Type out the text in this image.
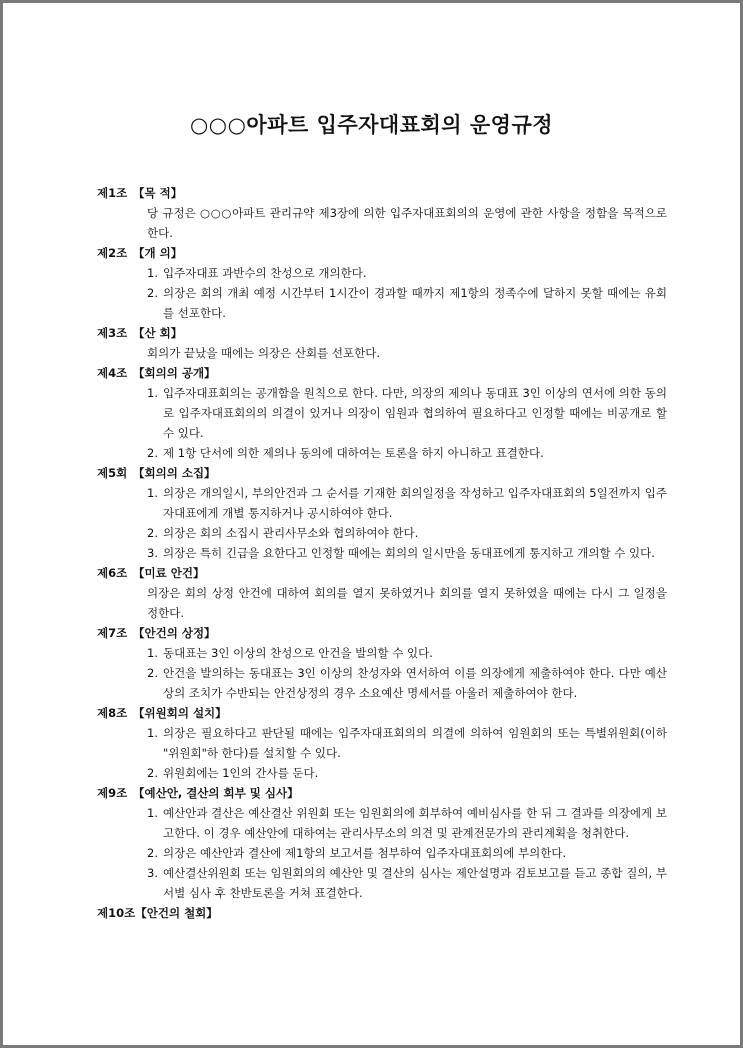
○○○아파트 입주자대표회의 운영규정
제1조 【목 적】
당 규정은 ○○○아파트 관리규약 제3장에 의한 입주자대표회의의 운영에 관한 사항을 정함을 목적으로 한다.
제2조 【개 의】
1. 입주자대표 과반수의 찬성으로 개의한다.
2. 의장은 회의 개최 예정 시간부터 1시간이 경과할 때까지 제1항의 정족수에 달하지 못할 때에는 유회를 선포한다.
제3조 【산 회】
회의가 끝났을 때에는 의장은 산회를 선포한다.
제4조 【회의의 공개】
1. 입주자대표회의는 공개함을 원칙으로 한다. 다만, 의장의 제의나 동대표 3인 이상의 연서에 의한 동의로 입주자대표회의의 의결이 있거나 의장이 임원과 협의하여 필요하다고 인정할 때에는 비공개로 할 수 있다.
2. 제 1항 단서에 의한 제의나 동의에 대하여는 토론을 하지 아니하고 표결한다.
제5회 【회의의 소집】
1. 의장은 개의일시, 부의안건과 그 순서를 기재한 회의일정을 작성하고 입주자대표회의 5일전까지 입주자대표에게 개별 통지하거나 공시하여야 한다.
2. 의장은 회의 소집시 관리사무소와 협의하여야 한다.
3. 의장은 특히 긴급을 요한다고 인정할 때에는 회의의 일시만을 동대표에게 통지하고 개의할 수 있다.
제6조 【미료 안건】
의장은 회의 상정 안건에 대하여 회의를 열지 못하였거나 회의를 열지 못하였을 때에는 다시 그 일정을 정한다.
제7조 【안건의 상정】
1. 동대표는 3인 이상의 찬성으로 안건을 발의할 수 있다.
2. 안건을 발의하는 동대표는 3인 이상의 찬성자와 연서하여 이를 의장에게 제출하여야 한다. 다만 예산상의 조치가 수반되는 안건상정의 경우 소요예산 명세서를 아울러 제출하여야 한다.
제8조 【위원회의 설치】
1. 의장은 필요하다고 판단될 때에는 입주자대표회의의 의결에 의하여 임원회의 또는 특별위원회(이하 "위원회"하 한다)를 설치할 수 있다.
2. 위원회에는 1인의 간사를 둔다.
제9조 【예산안, 결산의 회부 및 심사】
1. 예산안과 결산은 예산결산 위원회 또는 임원회의에 회부하여 예비심사를 한 뒤 그 결과를 의장에게 보고한다. 이 경우 예산안에 대하여는 관리사무소의 의견 및 관계전문가의 관리계획을 청취한다.
2. 의장은 예산안과 결산에 제1항의 보고서를 첨부하여 입주자대표회의에 부의한다.
3. 예산결산위원회 또는 임원회의의 예산안 및 결산의 심사는 제안설명과 검토보고를 듣고 종합 질의, 부서별 심사 후 찬반토론을 거쳐 표결한다.
제10조【안건의 철회】
